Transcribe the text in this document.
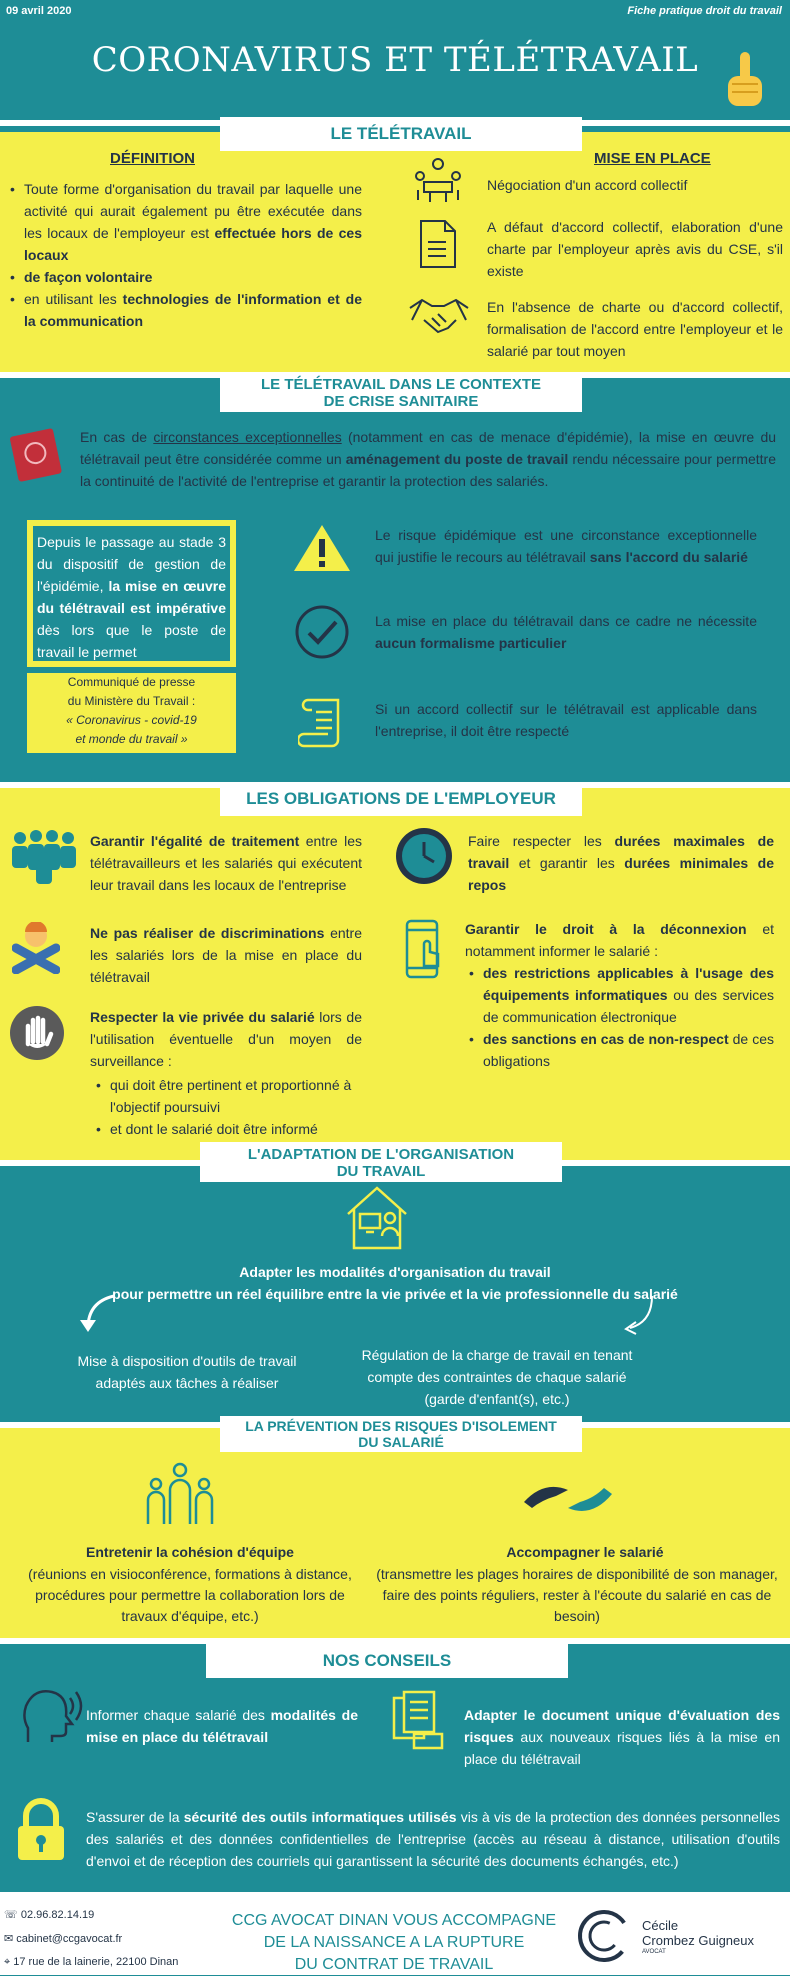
09 avril 2020	Fiche pratique droit du travail
CORONAVIRUS ET TÉLÉTRAVAIL
LE TÉLÉTRAVAIL
DÉFINITION
• Toute forme d'organisation du travail par laquelle une activité qui aurait également pu être exécutée dans les locaux de l'employeur est effectuée hors de ces locaux
• de façon volontaire
• en utilisant les technologies de l'information et de la communication
MISE EN PLACE
Négociation d'un accord collectif
A défaut d'accord collectif, elaboration d'une charte par l'employeur après avis du CSE, s'il existe
En l'absence de charte ou d'accord collectif, formalisation de l'accord entre l'employeur et le salarié par tout moyen
LE TÉLÉTRAVAIL DANS LE CONTEXTE
DE CRISE SANITAIRE
En cas de circonstances exceptionnelles (notamment en cas de menace d'épidémie), la mise en œuvre du télétravail peut être considérée comme un aménagement du poste de travail rendu nécessaire pour permettre la continuité de l'activité de l'entreprise et garantir la protection des salariés.
Depuis le passage au stade 3 du dispositif de gestion de l'épidémie, la mise en œuvre du télétravail est impérative dès lors que le poste de travail le permet
Communiqué de presse
du Ministère du Travail :
« Coronavirus - covid-19
et monde du travail »
Le risque épidémique est une circonstance exceptionnelle qui justifie le recours au télétravail sans l'accord du salarié
La mise en place du télétravail dans ce cadre ne nécessite aucun formalisme particulier
Si un accord collectif sur le télétravail est applicable dans l'entreprise, il doit être respecté
LES OBLIGATIONS DE L'EMPLOYEUR
Garantir l'égalité de traitement entre les télétravailleurs et les salariés qui exécutent leur travail dans les locaux de l'entreprise
Ne pas réaliser de discriminations entre les salariés lors de la mise en place du télétravail
Respecter la vie privée du salarié lors de l'utilisation éventuelle d'un moyen de surveillance :
• qui doit être pertinent et proportionné à l'objectif poursuivi
• et dont le salarié doit être informé
Faire respecter les durées maximales de travail et garantir les durées minimales de repos
Garantir le droit à la déconnexion et notamment informer le salarié :
• des restrictions applicables à l'usage des équipements informatiques ou des services de communication électronique
• des sanctions en cas de non-respect de ces obligations
L'ADAPTATION DE L'ORGANISATION
DU TRAVAIL
Adapter les modalités d'organisation du travail
pour permettre un réel équilibre entre la vie privée et la vie professionnelle du salarié
Mise à disposition d'outils de travail adaptés aux tâches à réaliser
Régulation de la charge de travail en tenant compte des contraintes de chaque salarié (garde d'enfant(s), etc.)
LA PRÉVENTION DES RISQUES D'ISOLEMENT
DU SALARIÉ
Entretenir la cohésion d'équipe
(réunions en visioconférence, formations à distance, procédures pour permettre la collaboration lors de travaux d'équipe, etc.)
Accompagner le salarié
(transmettre les plages horaires de disponibilité de son manager, faire des points réguliers, rester à l'écoute du salarié en cas de besoin)
NOS CONSEILS
Informer chaque salarié des modalités de mise en place du télétravail
Adapter le document unique d'évaluation des risques aux nouveaux risques liés à la mise en place du télétravail
S'assurer de la sécurité des outils informatiques utilisés vis à vis de la protection des données personnelles des salariés et des données confidentielles de l'entreprise (accès au réseau à distance, utilisation d'outils d'envoi et de réception des courriels qui garantissent la sécurité des documents échangés, etc.)
☏ 02.96.82.14.19
✉ cabinet@ccgavocat.fr
⌖ 17 rue de la lainerie, 22100 Dinan
CCG AVOCAT DINAN VOUS ACCOMPAGNE
DE LA NAISSANCE A LA RUPTURE
DU CONTRAT DE TRAVAIL
Cécile
Crombez Guigneux
AVOCAT
